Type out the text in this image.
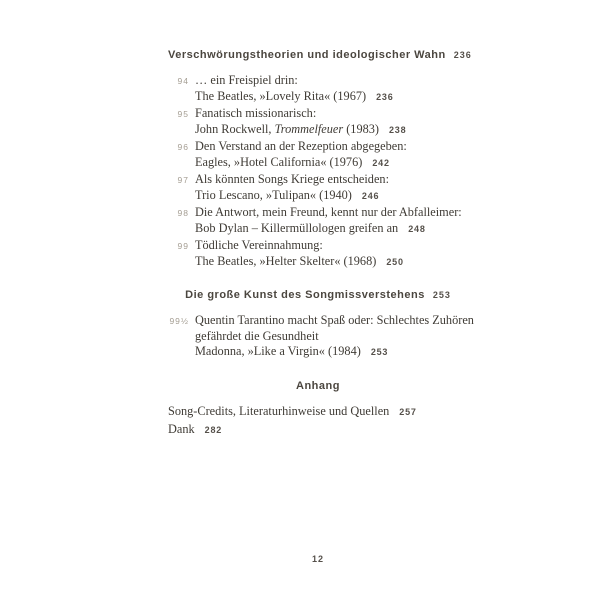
Verschwörungstheorien und ideologischer Wahn 236
94 … ein Freispiel drin:
The Beatles, »Lovely Rita« (1967) 236
95 Fanatisch missionarisch:
John Rockwell, Trommelfeuer (1983) 238
96 Den Verstand an der Rezeption abgegeben:
Eagles, »Hotel California« (1976) 242
97 Als könnten Songs Kriege entscheiden:
Trio Lescano, »Tulipan« (1940) 246
98 Die Antwort, mein Freund, kennt nur der Abfalleimer:
Bob Dylan – Killermüllologen greifen an 248
99 Tödliche Vereinnahmung:
The Beatles, »Helter Skelter« (1968) 250
Die große Kunst des Songmissverstehens 253
99½ Quentin Tarantino macht Spaß oder: Schlechtes Zuhören
gefährdet die Gesundheit
Madonna, »Like a Virgin« (1984) 253
Anhang
Song-Credits, Literaturhinweise und Quellen 257
Dank 282
12
